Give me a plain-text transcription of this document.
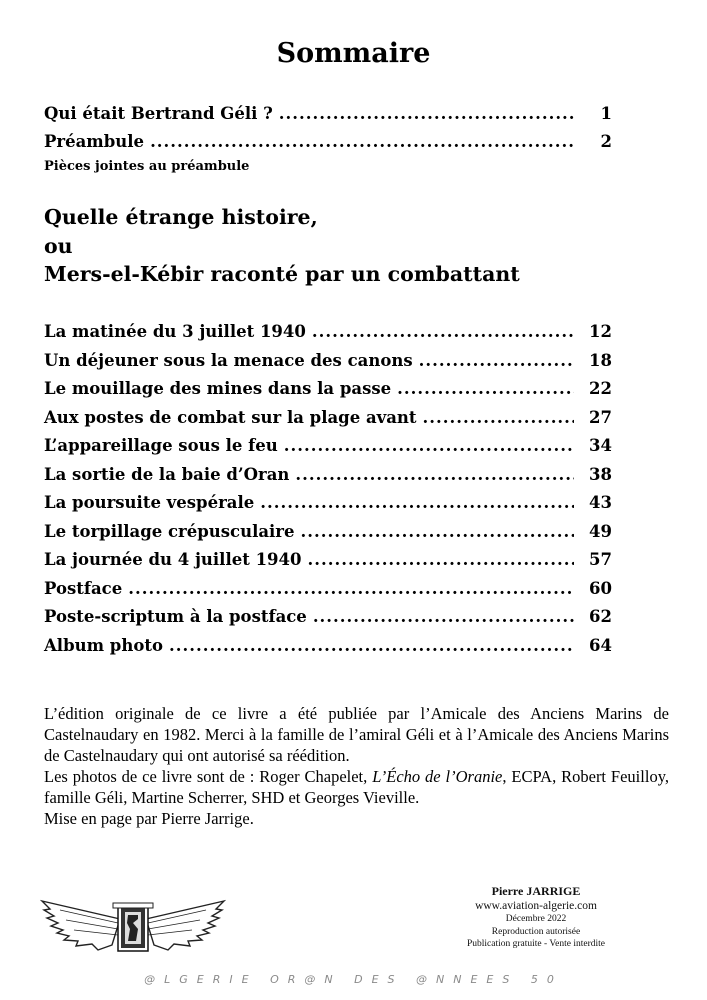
Sommaire
Qui était Bertrand Géli ? .....	1
Préambule .....	2
Pièces jointes au préambule
Quelle étrange histoire,
ou
Mers-el-Kébir raconté par un combattant
La matinée du 3 juillet 1940 .....	12
Un déjeuner sous la menace des canons .....	18
Le mouillage des mines dans la passe .....	22
Aux postes de combat sur la plage avant .....	27
L’appareillage sous le feu .....	34
La sortie de la baie d’Oran .....	38
La poursuite vespérale .....	43
Le torpillage crépusculaire .....	49
La journée du 4 juillet 1940 .....	57
Postface .....	60
Poste-scriptum à la postface .....	62
Album photo .....	64

L’édition originale de ce livre a été publiée par l’Amicale des Anciens Marins de Castelnaudary en 1982. Merci à la famille de l’amiral Géli et à l’Amicale des Anciens Marins de Castelnaudary qui ont autorisé sa réédition.

Les photos de ce livre sont de : Roger Chapelet, L’Écho de l’Oranie, ECPA, Robert Feuilloy, famille Géli, Martine Scherrer, SHD et Georges Vieville.

Mise en page par Pierre Jarrige.

Pierre JARRIGE
www.aviation-algerie.com
Décembre 2022
Reproduction autorisée
Publication gratuite - Vente interdite
@LGERIE OR@N DES @NNEES 50
